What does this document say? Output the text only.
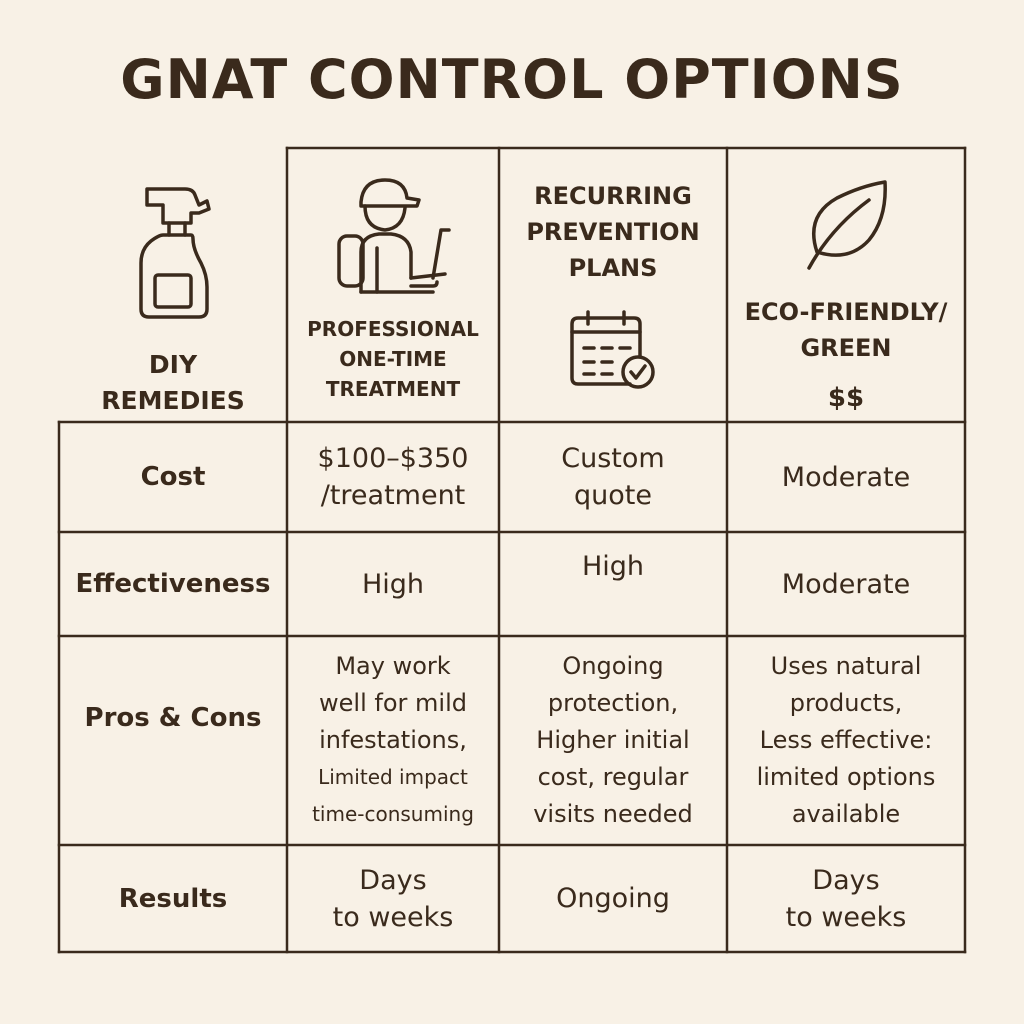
GNAT CONTROL OPTIONS
DIY
REMEDIES
PROFESSIONAL
ONE-TIME
TREATMENT
RECURRING
PREVENTION
PLANS
ECO-FRIENDLY/
GREEN
$$
Cost
$100–$350
/treatment
Custom
quote
Moderate
Effectiveness	High
High
Moderate
Pros & Cons
May work
well for mild
infestations,
Limited impact
time-consuming
Ongoing
protection,
Higher initial
cost, regular
visits needed
Uses natural
products,
Less effective:
limited options
available
Results
Days
to weeks
Ongoing
Days
to weeks
